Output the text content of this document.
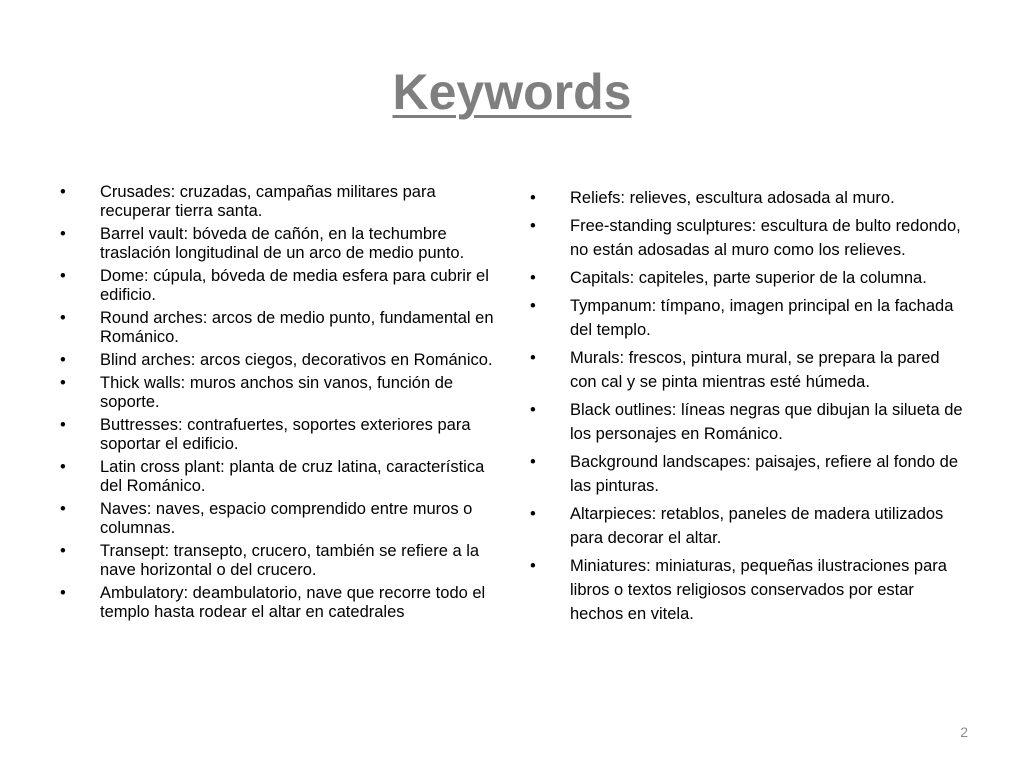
Keywords
• Crusades: cruzadas, campañas militares para recuperar tierra santa.
• Barrel vault: bóveda de cañón, en la techumbre traslación longitudinal de un arco de medio punto.
• Dome: cúpula, bóveda de media esfera para cubrir el edificio.
• Round arches: arcos de medio punto, fundamental en Románico.
• Blind arches: arcos ciegos, decorativos en Románico.
• Thick walls: muros anchos sin vanos, función de soporte.
• Buttresses: contrafuertes, soportes exteriores para soportar el edificio.
• Latin cross plant: planta de cruz latina, característica del Románico.
• Naves: naves, espacio comprendido entre muros o columnas.
• Transept: transepto, crucero, también se refiere a la nave horizontal o del crucero.
• Ambulatory: deambulatorio, nave que recorre todo el templo hasta rodear el altar en catedrales
• Reliefs: relieves, escultura adosada al muro.
• Free-standing sculptures: escultura de bulto redondo, no están adosadas al muro como los relieves.
• Capitals: capiteles, parte superior de la columna.
• Tympanum: tímpano, imagen principal en la fachada del templo.
• Murals: frescos, pintura mural, se prepara la pared con cal y se pinta mientras esté húmeda.
• Black outlines: líneas negras que dibujan la silueta de los personajes en Románico.
• Background landscapes: paisajes, refiere al fondo de las pinturas.
• Altarpieces: retablos, paneles de madera utilizados para decorar el altar.
• Miniatures: miniaturas, pequeñas ilustraciones para libros o textos religiosos conservados por estar hechos en vitela.
2
